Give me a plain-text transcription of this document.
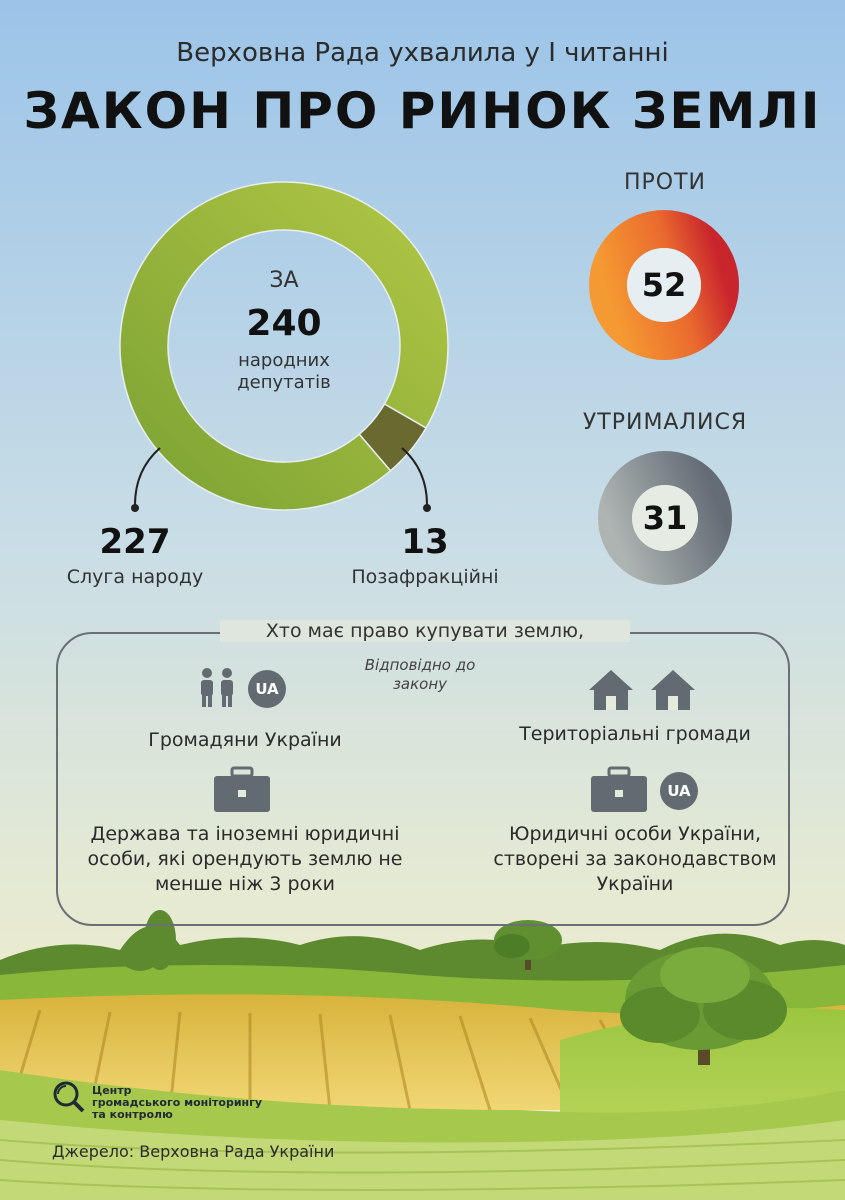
Верховна Рада ухвалила у І читанні
ЗАКОН ПРО РИНОК ЗЕМЛІ
ЗА
240
народних депутатів
227
Слуга народу
13
Позафракційні
ПРОТИ
52
УТРИМАЛИСЯ
31
Хто має право купувати землю,
Відповідно до закону
UA
Громадяни України	Територіальні громади
Держава та іноземні юридичні особи, які орендують землю не менше ніж 3 роки
UA
Юридичні особи України, створені за законодавством України
Центр
громадського моніторингу
та контролю
Джерело: Верховна Рада України
